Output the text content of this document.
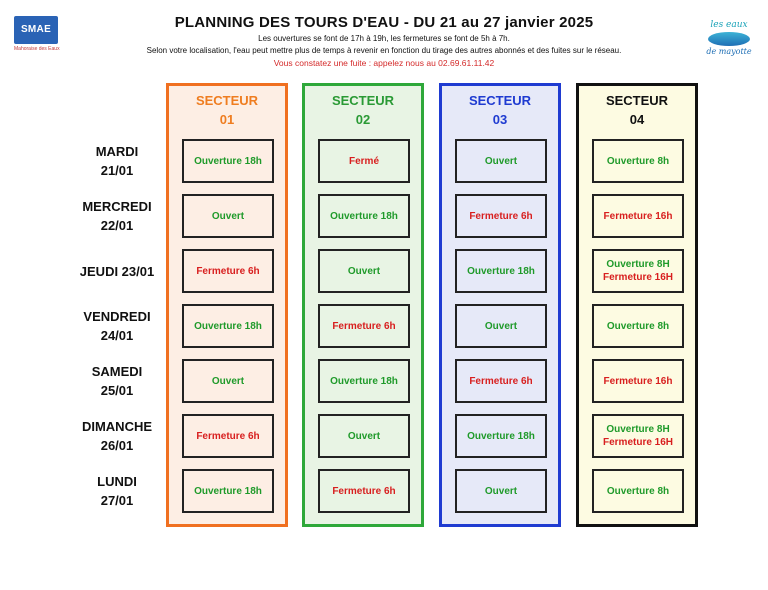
SMAE
Mahoraise des Eaux
PLANNING DES TOURS D'EAU - DU 21 au 27 janvier 2025
Les ouvertures se font de 17h à 19h, les fermetures se font de 5h à 7h.
Selon votre localisation, l'eau peut mettre plus de temps à revenir en fonction du tirage des autres abonnés et des fuites sur le réseau.
Vous constatez une fuite : appelez nous au 02.69.61.11.42
les eaux
de mayotte
MARDI
21/01
MERCREDI
22/01
JEUDI 23/01
VENDREDI
24/01
SAMEDI
25/01
DIMANCHE
26/01
LUNDI
27/01
SECTEUR
01
Ouverture 18h
Ouvert
Fermeture 6h
Ouverture 18h
Ouvert
Fermeture 6h
Ouverture 18h
SECTEUR
02
Fermé
Ouverture 18h
Ouvert
Fermeture 6h
Ouverture 18h
Ouvert
Fermeture 6h
SECTEUR
03
Ouvert
Fermeture 6h
Ouverture 18h
Ouvert
Fermeture 6h
Ouverture 18h
Ouvert
SECTEUR
04
Ouverture 8h
Fermeture 16h
Ouverture 8H
Fermeture 16H
Ouverture 8h
Fermeture 16h
Ouverture 8H
Fermeture 16H
Ouverture 8h
